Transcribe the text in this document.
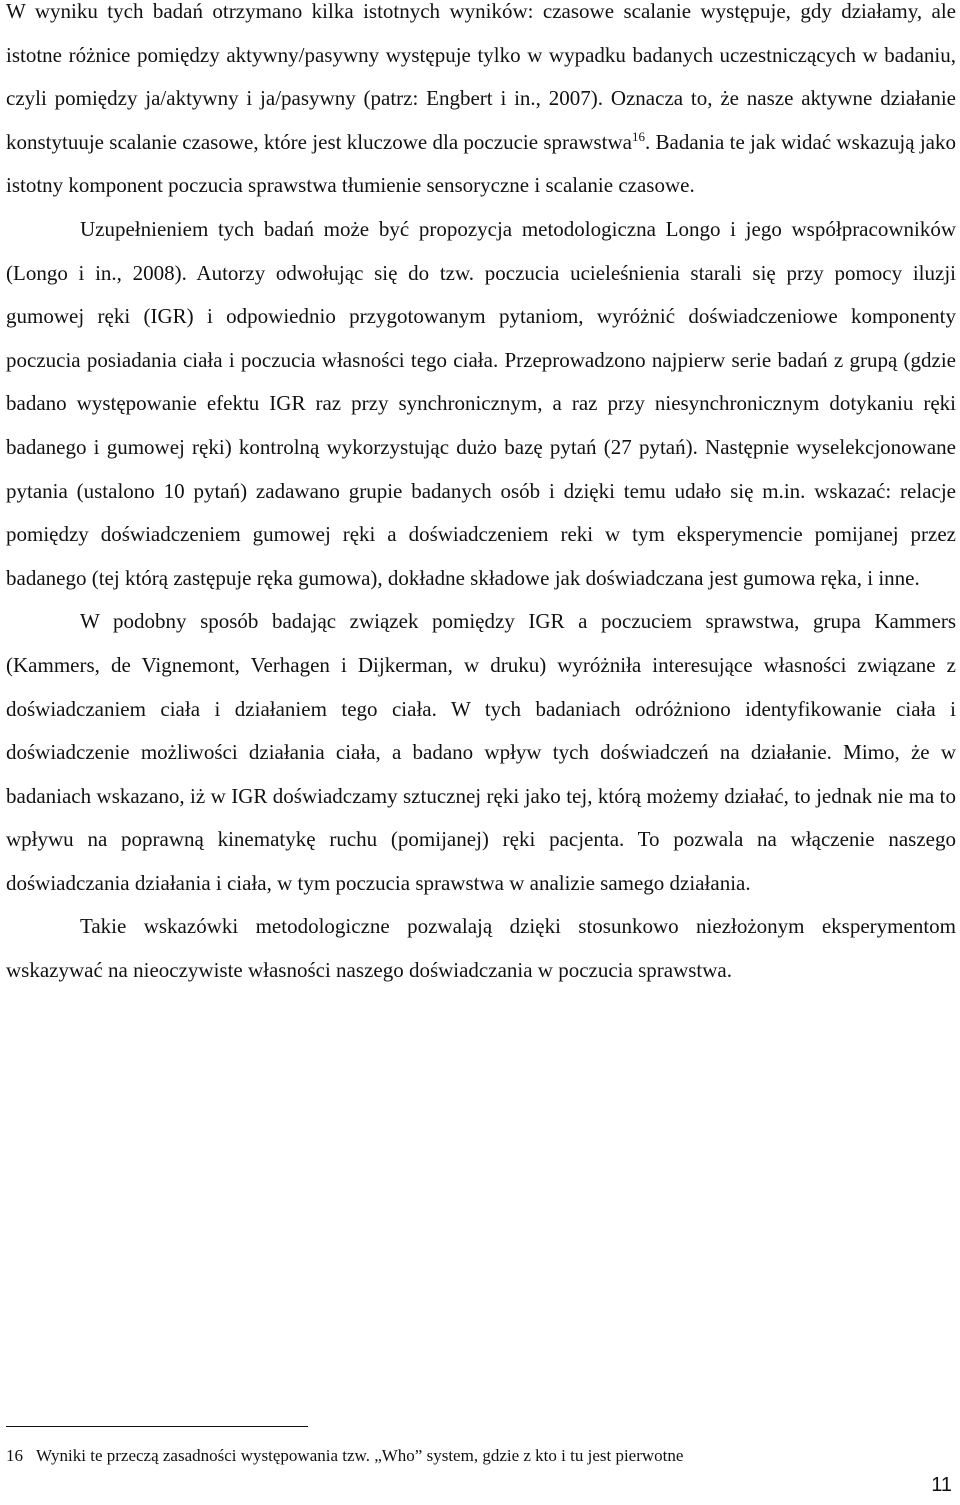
W wyniku tych badań otrzymano kilka istotnych wyników: czasowe scalanie występuje, gdy działamy, ale istotne różnice pomiędzy aktywny/pasywny występuje tylko w wypadku badanych uczestniczących w badaniu, czyli pomiędzy ja/aktywny i ja/pasywny (patrz: Engbert i in., 2007). Oznacza to, że nasze aktywne działanie konstytuuje scalanie czasowe, które jest kluczowe dla poczucie sprawstwa$^{16}$. Badania te jak widać wskazują jako istotny komponent poczucia sprawstwa tłumienie sensoryczne i scalanie czasowe.

Uzupełnieniem tych badań może być propozycja metodologiczna Longo i jego współpracowników (Longo i in., 2008). Autorzy odwołując się do tzw. poczucia ucieleśnienia starali się przy pomocy iluzji gumowej ręki (IGR) i odpowiednio przygotowanym pytaniom, wyróżnić doświadczeniowe komponenty poczucia posiadania ciała i poczucia własności tego ciała. Przeprowadzono najpierw serie badań z grupą (gdzie badano występowanie efektu IGR raz przy synchronicznym, a raz przy niesynchronicznym dotykaniu ręki badanego i gumowej ręki) kontrolną wykorzystując dużo bazę pytań (27 pytań). Następnie wyselekcjonowane pytania (ustalono 10 pytań) zadawano grupie badanych osób i dzięki temu udało się m.in. wskazać: relacje pomiędzy doświadczeniem gumowej ręki a doświadczeniem reki w tym eksperymencie pomijanej przez badanego (tej którą zastępuje ręka gumowa), dokładne składowe jak doświadczana jest gumowa ręka, i inne.

W podobny sposób badając związek pomiędzy IGR a poczuciem sprawstwa, grupa Kammers (Kammers, de Vignemont, Verhagen i Dijkerman, w druku) wyróżniła interesujące własności związane z doświadczaniem ciała i działaniem tego ciała. W tych badaniach odróżniono identyfikowanie ciała i doświadczenie możliwości działania ciała, a badano wpływ tych doświadczeń na działanie. Mimo, że w badaniach wskazano, iż w IGR doświadczamy sztucznej ręki jako tej, którą możemy działać, to jednak nie ma to wpływu na poprawną kinematykę ruchu (pomijanej) ręki pacjenta. To pozwala na włączenie naszego doświadczania działania i ciała, w tym poczucia sprawstwa w analizie samego działania.

Takie wskazówki metodologiczne pozwalają dzięki stosunkowo niezłożonym eksperymentom wskazywać na nieoczywiste własności naszego doświadczania w poczucia sprawstwa.

16 Wyniki te przeczą zasadności występowania tzw. „Who” system, gdzie z kto i tu jest pierwotne
11
